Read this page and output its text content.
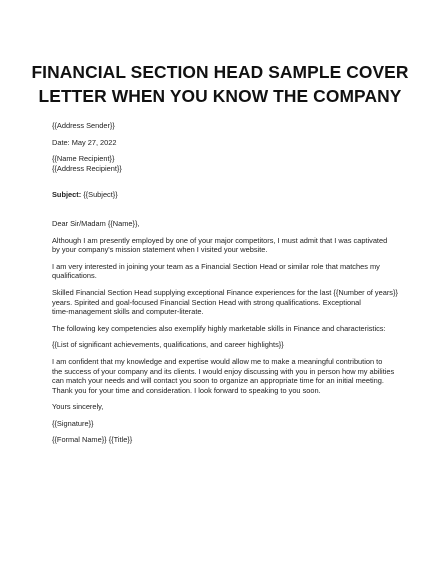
FINANCIAL SECTION HEAD SAMPLE COVER
LETTER WHEN YOU KNOW THE COMPANY
{{Address Sender}}
Date: May 27, 2022
{{Name Recipient}}
{{Address Recipient}}
Subject: {{Subject}}
Dear Sir/Madam {{Name}},
Although I am presently employed by one of your major competitors, I must admit that I was captivated
by your company's mission statement when I visited your website.
I am very interested in joining your team as a Financial Section Head or similar role that matches my
qualifications.
Skilled Financial Section Head supplying exceptional Finance experiences for the last {{Number of years}}
years. Spirited and goal-focused Financial Section Head with strong qualifications. Exceptional
time-management skills and computer-literate.
The following key competencies also exemplify highly marketable skills in Finance and characteristics:
{{List of significant achievements, qualifications, and career highlights}}
I am confident that my knowledge and expertise would allow me to make a meaningful contribution to
the success of your company and its clients. I would enjoy discussing with you in person how my abilities
can match your needs and will contact you soon to organize an appropriate time for an initial meeting.
Thank you for your time and consideration. I look forward to speaking to you soon.
Yours sincerely,
{{Signature}}
{{Formal Name}} {{Title}}
